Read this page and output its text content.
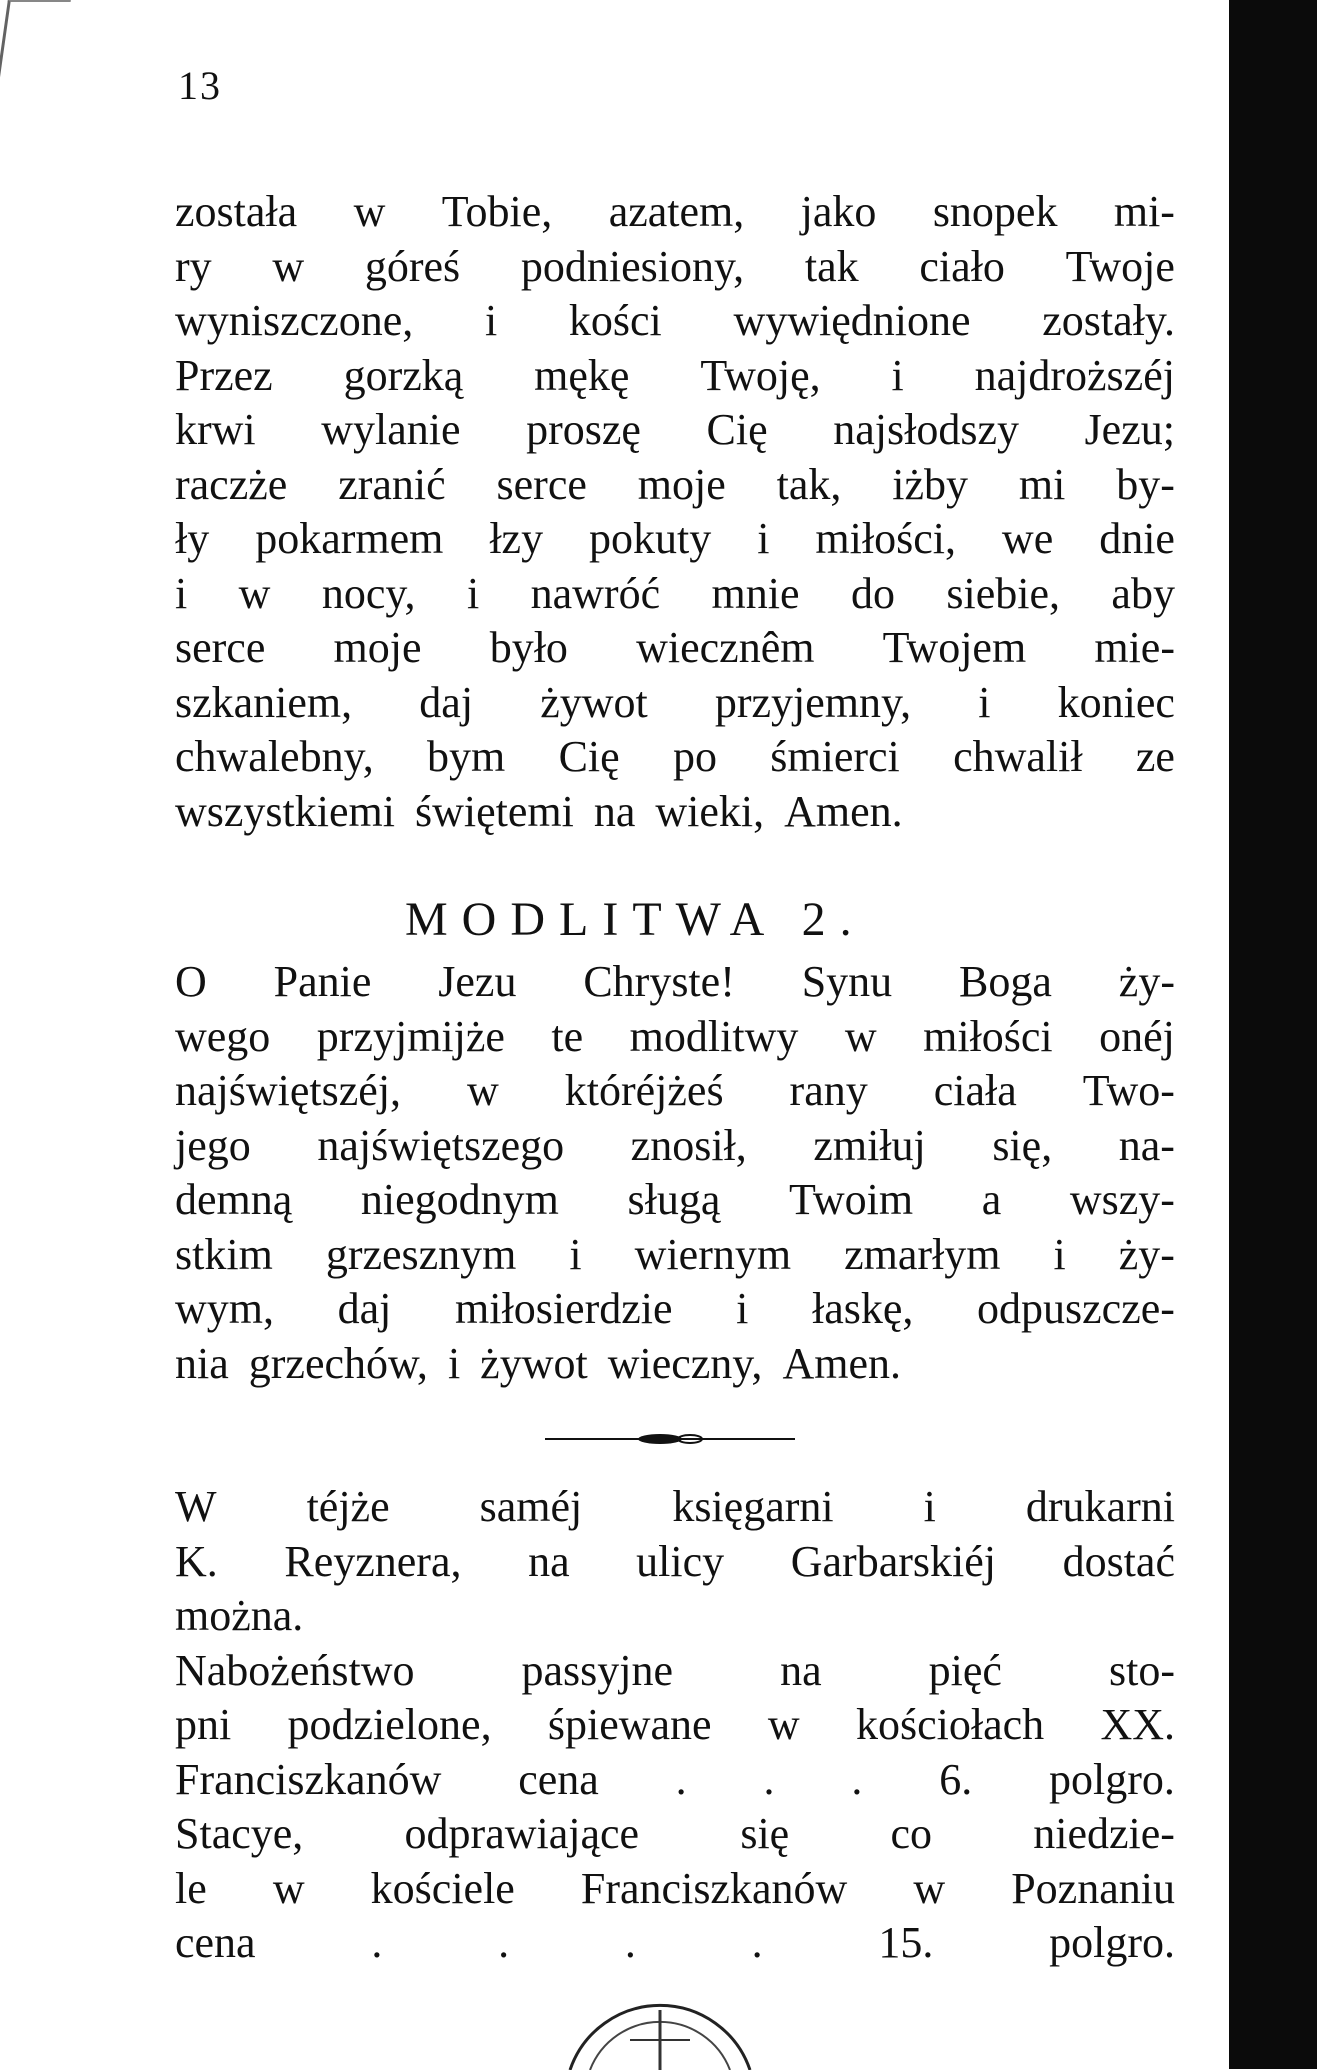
13
została w Tobie, azatem, jako snopek mi-
ry w góreś podniesiony, tak ciało Twoje
wyniszczone, i kości wywiędnione zostały.
Przez gorzką mękę Twoję, i najdroższéj
krwi wylanie proszę Cię najsłodszy Jezu;
raczże zranić serce moje tak, iżby mi by-
ły pokarmem łzy pokuty i miłości, we dnie
i w nocy, i nawróć mnie do siebie, aby
serce moje było wiecznêm Twojem mie-
szkaniem, daj żywot przyjemny, i koniec
chwalebny, bym Cię po śmierci chwalił ze
wszystkiemi świętemi na wieki, Amen.
MODLITWA 2.
O Panie Jezu Chryste! Synu Boga ży-
wego przyjmijże te modlitwy w miłości onéj
najświętszéj, w któréjżeś rany ciała Two-
jego najświętszego znosił, zmiłuj się, na-
demną niegodnym sługą Twoim a wszy-
stkim grzesznym i wiernym zmarłym i ży-
wym, daj miłosierdzie i łaskę, odpuszcze-
nia grzechów, i żywot wieczny, Amen.
W téjże saméj księgarni i drukarni
K. Reyznera, na ulicy Garbarskiéj dostać
można.
Nabożeństwo passyjne na pięć sto-
pni podzielone, śpiewane w kościołach XX.
Franciszkanów cena . . . 6. polgro.
Stacye, odprawiające się co niedzie-
le w kościele Franciszkanów w Poznaniu
cena	.	.	.	.	15.	polgro.
